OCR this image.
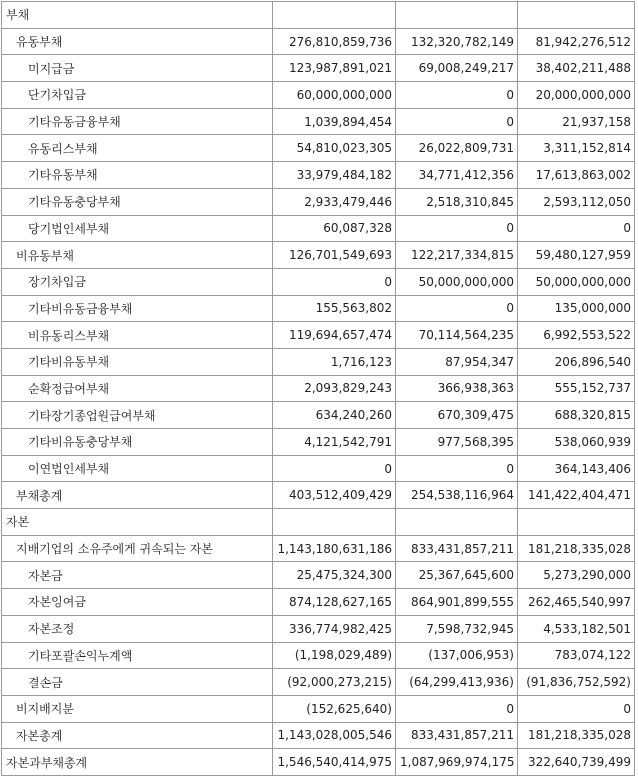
부채			
유동부채	276,810,859,736	132,320,782,149	81,942,276,512
미지급금	123,987,891,021	69,008,249,217	38,402,211,488
단기차입금	60,000,000,000	0	20,000,000,000
기타유동금융부채	1,039,894,454	0	21,937,158
유동리스부채	54,810,023,305	26,022,809,731	3,311,152,814
기타유동부채	33,979,484,182	34,771,412,356	17,613,863,002
기타유동충당부채	2,933,479,446	2,518,310,845	2,593,112,050
당기법인세부채	60,087,328	0	0
비유동부채	126,701,549,693	122,217,334,815	59,480,127,959
장기차입금	0	50,000,000,000	50,000,000,000
기타비유동금융부채	155,563,802	0	135,000,000
비유동리스부채	119,694,657,474	70,114,564,235	6,992,553,522
기타비유동부채	1,716,123	87,954,347	206,896,540
순확정급여부채	2,093,829,243	366,938,363	555,152,737
기타장기종업원급여부채	634,240,260	670,309,475	688,320,815
기타비유동충당부채	4,121,542,791	977,568,395	538,060,939
이연법인세부채	0	0	364,143,406
부채총계	403,512,409,429	254,538,116,964	141,422,404,471
자본			
지배기업의 소유주에게 귀속되는 자본	1,143,180,631,186	833,431,857,211	181,218,335,028
자본금	25,475,324,300	25,367,645,600	5,273,290,000
자본잉여금	874,128,627,165	864,901,899,555	262,465,540,997
자본조정	336,774,982,425	7,598,732,945	4,533,182,501
기타포괄손익누계액	(1,198,029,489)	(137,006,953)	783,074,122
결손금	(92,000,273,215)	(64,299,413,936)	(91,836,752,592)
비지배지분	(152,625,640)	0	0
자본총계	1,143,028,005,546	833,431,857,211	181,218,335,028
자본과부채총계	1,546,540,414,975	1,087,969,974,175	322,640,739,499
